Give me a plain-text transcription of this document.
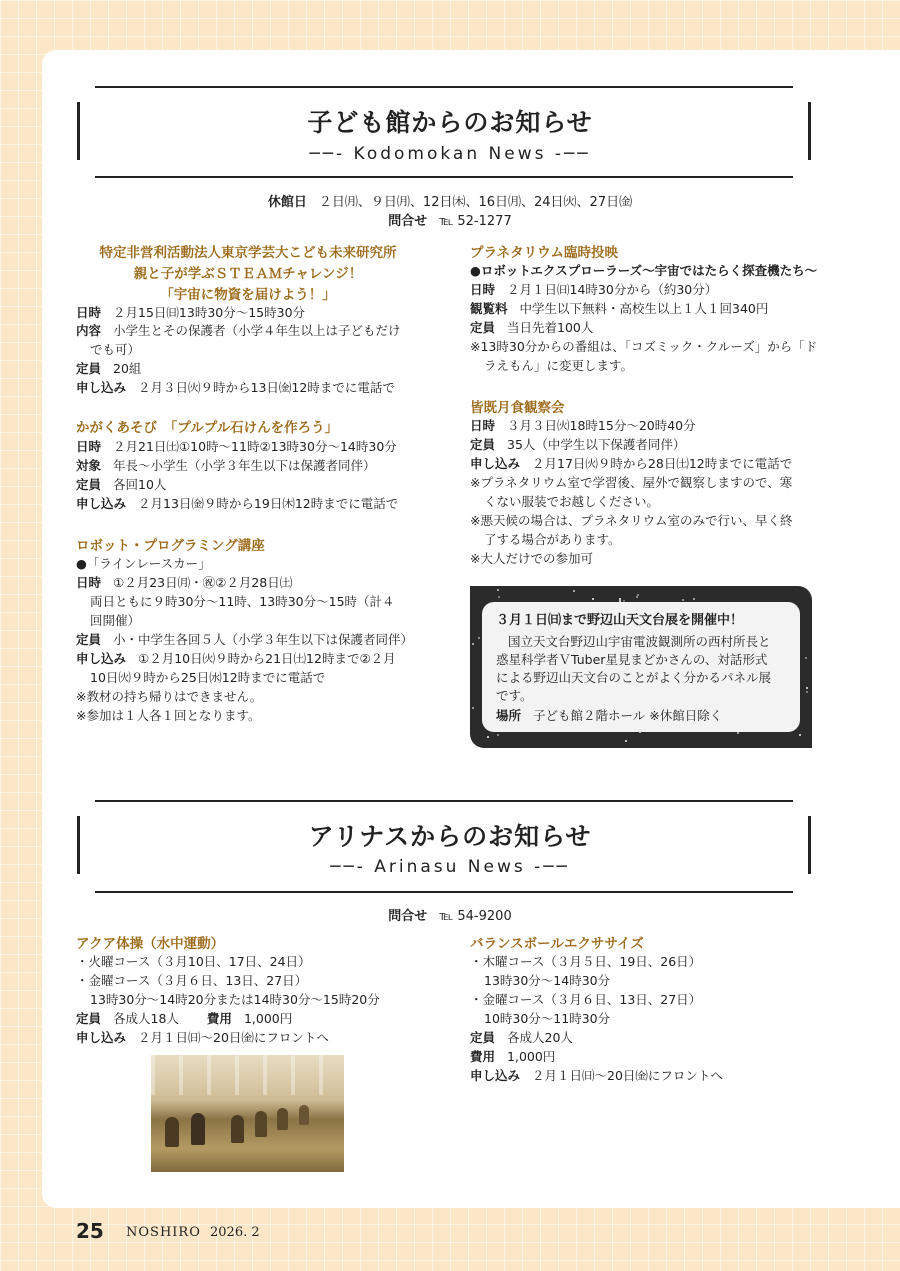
子ども館からのお知らせ
──- Kodomokan News -──
休館日 ２日㈪、９日㈪、12日㈭、16日㈪、24日㈫、27日㈮
問合せ ℡ 52-1277
特定非営利活動法人東京学芸大こども未来研究所
親と子が学ぶＳＴＥＡＭチャレンジ！
「宇宙に物資を届けよう！」
日時 ２月15日㈰13時30分～15時30分
内容 小学生とその保護者（小学４年生以上は子どもだけ
でも可）
定員 20組
申し込み ２月３日㈫９時から13日㈮12時までに電話で
かがくあそび　「プルプル石けんを作ろう」
日時 ２月21日㈯①10時～11時②13時30分～14時30分
対象 年長～小学生（小学３年生以下は保護者同伴）
定員 各回10人
申し込み ２月13日㈮９時から19日㈭12時までに電話で
ロボット・プログラミング講座
●「ラインレースカー」
日時 ①２月23日㈪・㊗②２月28日㈯
両日ともに９時30分～11時、13時30分～15時（計４
回開催）
定員 小・中学生各回５人（小学３年生以下は保護者同伴）
申し込み ①２月10日㈫９時から21日㈯12時まで②２月
10日㈫９時から25日㈬12時までに電話で
※教材の持ち帰りはできません。
※参加は１人各１回となります。
プラネタリウム臨時投映
●ロボットエクスプローラーズ～宇宙ではたらく探査機たち～
日時 ２月１日㈰14時30分から（約30分）
観覧料 中学生以下無料・高校生以上１人１回340円
定員 当日先着100人
※13時30分からの番組は、「コズミック・クルーズ」から「ド
ラえもん」に変更します。
皆既月食観察会
日時 ３月３日㈫18時15分～20時40分
定員 35人（中学生以下保護者同伴）
申し込み ２月17日㈫９時から28日㈯12時までに電話で
※プラネタリウム室で学習後、屋外で観察しますので、寒
くない服装でお越しください。
※悪天候の場合は、プラネタリウム室のみで行い、早く終
了する場合があります。
※大人だけでの参加可
３月１日㈰まで野辺山天文台展を開催中！
国立天文台野辺山宇宙電波観測所の西村所長と
惑星科学者ＶTuber星見まどかさんの、対話形式
による野辺山天文台のことがよく分かるパネル展
です。
場所 子ども館２階ホール ※休館日除く
アリナスからのお知らせ
──- Arinasu News -──
問合せ ℡ 54-9200
アクア体操（水中運動）
・火曜コース（３月10日、17日、24日）
・金曜コース（３月６日、13日、27日）
13時30分～14時20分または14時30分～15時20分
定員 各成人18人 費用 1,000円
申し込み ２月１日㈰～20日㈮にフロントへ
バランスボールエクササイズ
・木曜コース（３月５日、19日、26日）
13時30分～14時30分
・金曜コース（３月６日、13日、27日）
10時30分～11時30分
定員 各成人20人
費用 1,000円
申し込み ２月１日㈰～20日㈮にフロントへ
25 NOSHIRO 2026. 2
